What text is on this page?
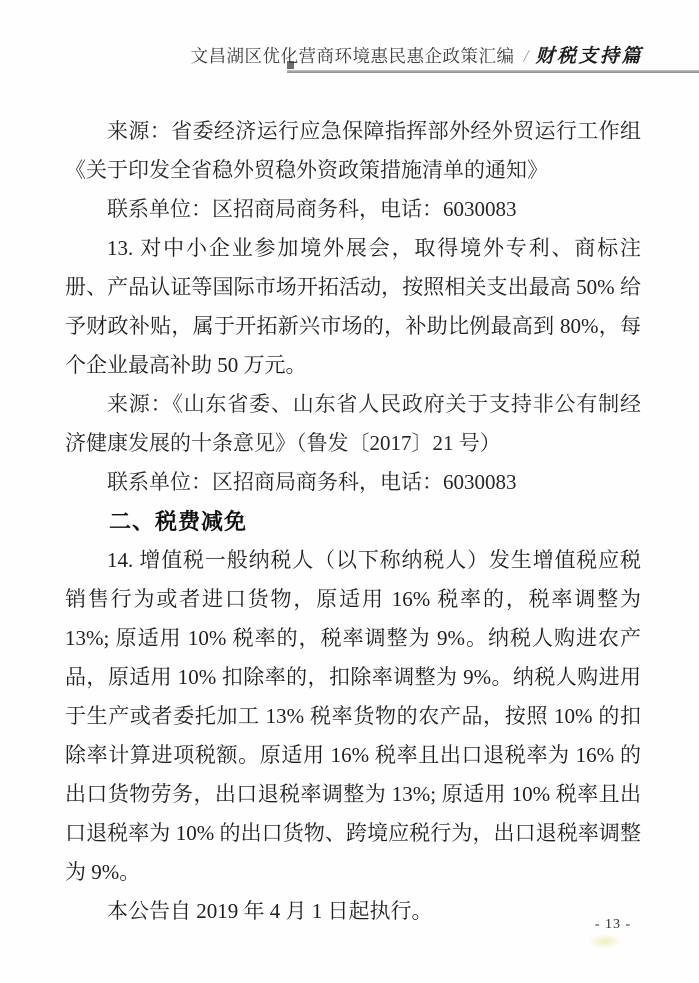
文昌湖区优化营商环境惠民惠企政策汇编 / 财税支持篇

来源：省委经济运行应急保障指挥部外经外贸运行工作组《关于印发全省稳外贸稳外资政策措施清单的通知》

联系单位：区招商局商务科，电话：6030083

13. 对中小企业参加境外展会，取得境外专利、商标注册、产品认证等国际市场开拓活动，按照相关支出最高 50% 给予财政补贴，属于开拓新兴市场的，补助比例最高到 80%，每个企业最高补助 50 万元。

来源：《山东省委、山东省人民政府关于支持非公有制经济健康发展的十条意见》（鲁发〔2017〕21 号）

联系单位：区招商局商务科，电话：6030083

二、税费减免

14. 增值税一般纳税人（以下称纳税人）发生增值税应税销售行为或者进口货物，原适用 16% 税率的，税率调整为 13%; 原适用 10% 税率的，税率调整为 9%。纳税人购进农产品，原适用 10% 扣除率的，扣除率调整为 9%。纳税人购进用于生产或者委托加工 13% 税率货物的农产品，按照 10% 的扣除率计算进项税额。原适用 16% 税率且出口退税率为 16% 的出口货物劳务，出口退税率调整为 13%; 原适用 10% 税率且出口退税率为 10% 的出口货物、跨境应税行为，出口退税率调整为 9%。

本公告自 2019 年 4 月 1 日起执行。

- 13 -
